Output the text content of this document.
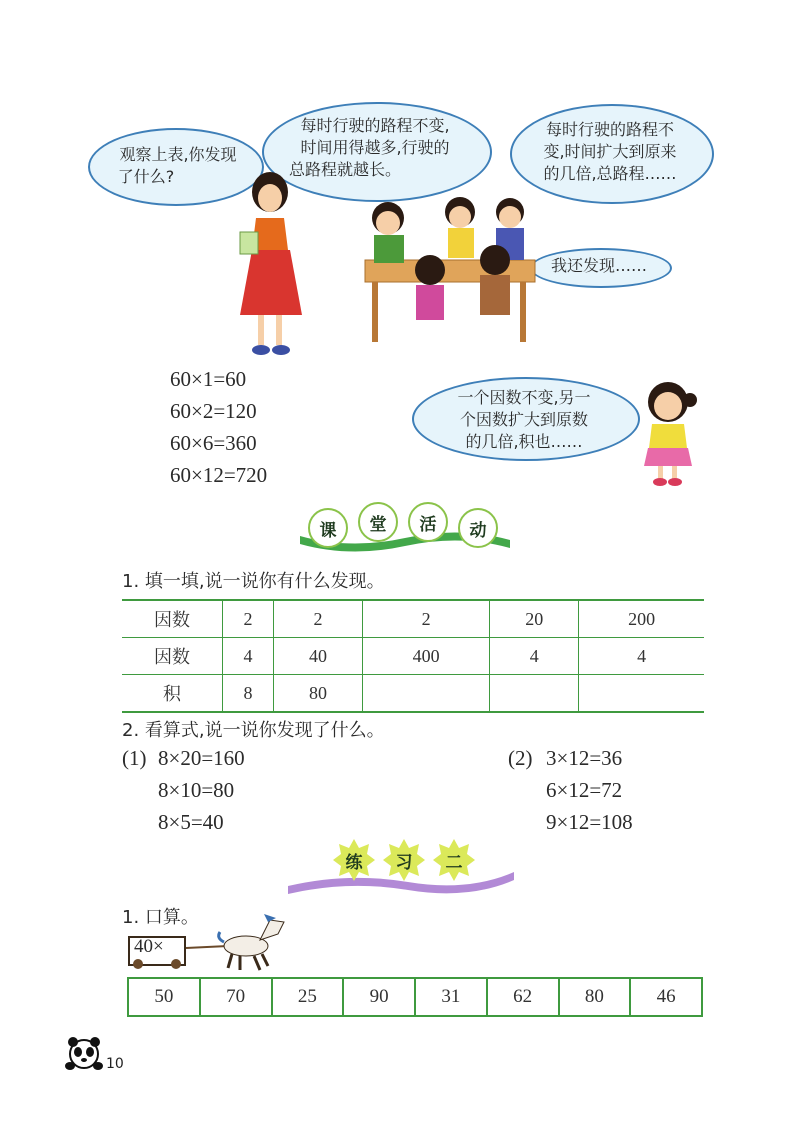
观察上表,你发现
了什么?
每时行驶的路程不变,
时间用得越多,行驶的
总路程就越长。
每时行驶的路程不
变,时间扩大到原来
的几倍,总路程……
我还发现……
一个因数不变,另一
个因数扩大到原数
的几倍,积也……
60×1=60
60×2=120
60×6=360
60×12=720
课	堂	活	动
1. 填一填,说一说你有什么发现。
因数	2	2	2	20	200
因数	4	40	400	4	4
积	8	80			
2. 看算式,说一说你发现了什么。
(1) 8×20=160
8×10=80
8×5=40
(2) 3×12=36
6×12=72
9×12=108
练	习	二
1. 口算。
40×
50	70	25	90	31	62	80	46
10
